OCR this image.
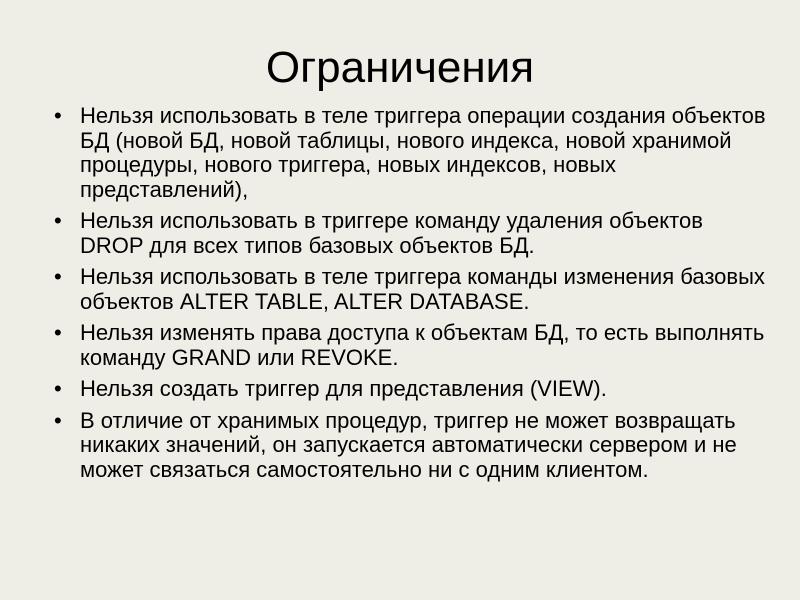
Ограничения
• Нельзя использовать в теле триггера операции создания объектов БД (новой БД, новой таблицы, нового индекса, новой хранимой процедуры, нового триггера, новых индексов, новых представлений),
• Нельзя использовать в триггере команду удаления объектов DROP для всех типов базовых объектов БД.
• Нельзя использовать в теле триггера команды изменения базовых объектов ALTER TABLE, ALTER DATABASE.
• Нельзя изменять права доступа к объектам БД, то есть выполнять команду GRAND или REVOKE.
• Нельзя создать триггер для представления (VIEW).
• В отличие от хранимых процедур, триггер не может возвращать никаких значений, он запускается автоматически сервером и не может связаться самостоятельно ни с одним клиентом.
